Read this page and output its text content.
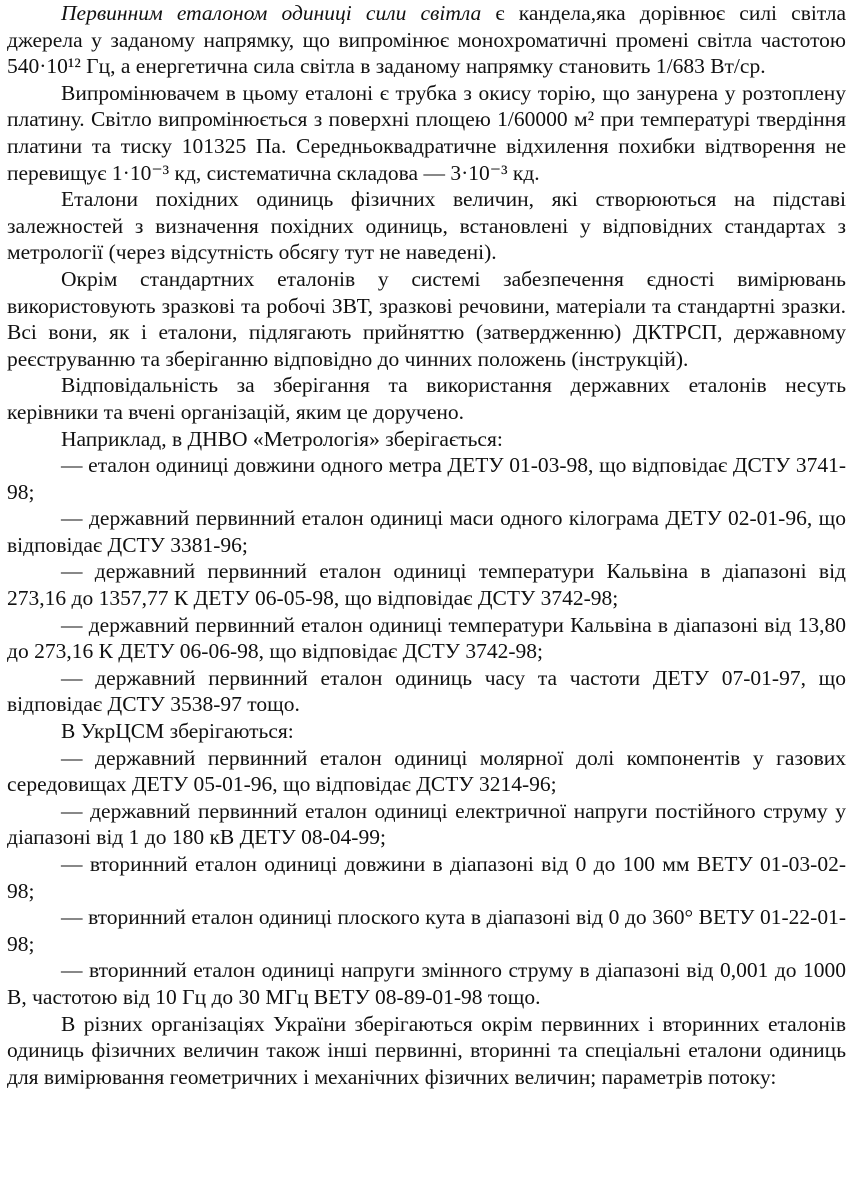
Первинним еталоном одиниці сили світла є кандела,яка дорівнює силі світла джерела у заданому напрямку, що випромінює монохроматичні промені світла частотою 540·10¹² Гц, а енергетична сила світла в заданому напрямку становить 1/683 Вт/ср.

Випромінювачем в цьому еталоні є трубка з окису торію, що занурена у розтоплену платину. Світло випромінюється з поверхні площею 1/60000 м² при температурі твердіння платини та тиску 101325 Па. Середньоквадратичне відхилення похибки відтворення не перевищує 1·10⁻³ кд, систематична складова — 3·10⁻³ кд.

Еталони похідних одиниць фізичних величин, які створюються на підставі залежностей з визначення похідних одиниць, встановлені у відповідних стандартах з метрології (через відсутність обсягу тут не наведені).

Окрім стандартних еталонів у системі забезпечення єдності вимірювань використовують зразкові та робочі ЗВТ, зразкові речовини, матеріали та стандартні зразки. Всі вони, як і еталони, підлягають прийняттю (затвердженню) ДКТРСП, державному реєструванню та зберіганню відповідно до чинних положень (інструкцій).

Відповідальність за зберігання та використання державних еталонів несуть керівники та вчені організацій, яким це доручено.

Наприклад, в ДНВО «Метрологія» зберігається:

— еталон одиниці довжини одного метра ДЕТУ 01-03-98, що відповідає ДСТУ 3741-98;

— державний первинний еталон одиниці маси одного кілограма ДЕТУ 02-01-96, що відповідає ДСТУ 3381-96;

— державний первинний еталон одиниці температури Кальвіна в діапазоні від 273,16 до 1357,77 К ДЕТУ 06-05-98, що відповідає ДСТУ 3742-98;

— державний первинний еталон одиниці температури Кальвіна в діапазоні від 13,80 до 273,16 К ДЕТУ 06-06-98, що відповідає ДСТУ 3742-98;

— державний первинний еталон одиниць часу та частоти ДЕТУ 07-01-97, що відповідає ДСТУ 3538-97 тощо.

В УкрЦСМ зберігаються:

— державний первинний еталон одиниці молярної долі компонентів у газових середовищах ДЕТУ 05-01-96, що відповідає ДСТУ 3214-96;

— державний первинний еталон одиниці електричної напруги постійного струму у діапазоні від 1 до 180 кВ ДЕТУ 08-04-99;

— вторинний еталон одиниці довжини в діапазоні від 0 до 100 мм ВЕТУ 01-03-02-98;

— вторинний еталон одиниці плоского кута в діапазоні від 0 до 360° ВЕТУ 01-22-01-98;

— вторинний еталон одиниці напруги змінного струму в діапазоні від 0,001 до 1000 В, частотою від 10 Гц до 30 МГц ВЕТУ 08-89-01-98 тощо.

В різних організаціях України зберігаються окрім первинних і вторинних еталонів одиниць фізичних величин також інші первинні, вторинні та спеціальні еталони одиниць для вимірювання геометричних і механічних фізичних величин; параметрів потоку:
